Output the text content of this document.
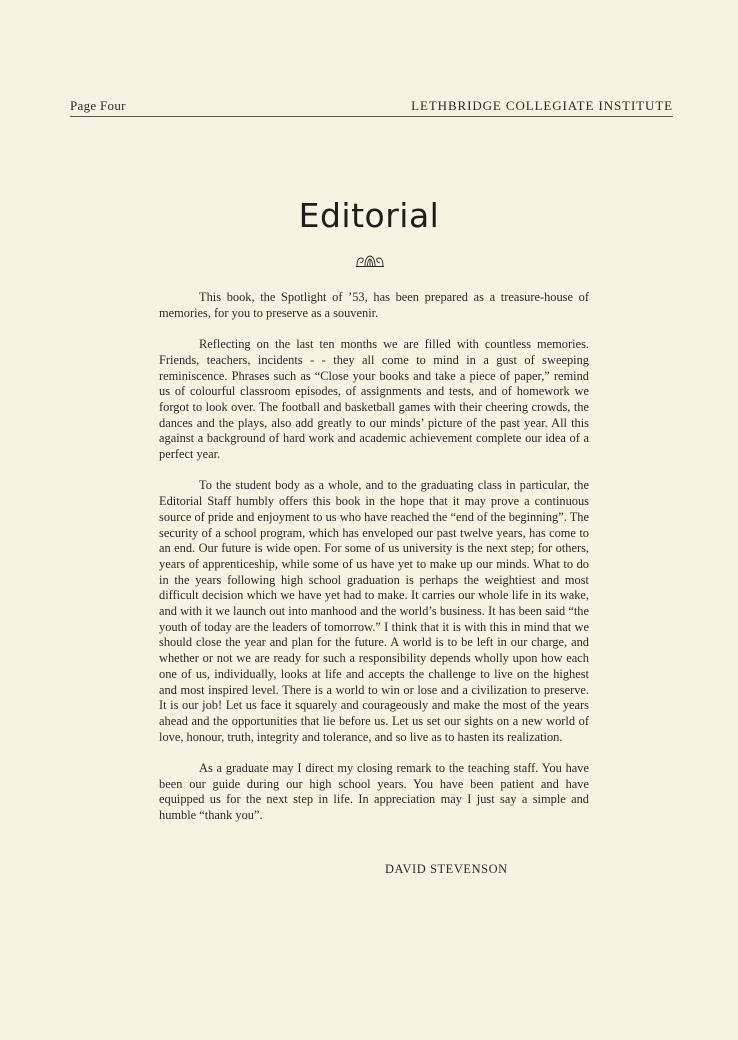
Page Four	LETHBRIDGE COLLEGIATE INSTITUTE
Editorial

This book, the Spotlight of ’53, has been prepared as a treasure-house of memories, for you to preserve as a souvenir.

Reflecting on the last ten months we are filled with countless memories. Friends, teachers, incidents - - they all come to mind in a gust of sweeping reminiscence. Phrases such as “Close your books and take a piece of paper,” remind us of colourful classroom episodes, of assignments and tests, and of homework we forgot to look over. The football and basketball games with their cheering crowds, the dances and the plays, also add greatly to our minds’ picture of the past year. All this against a background of hard work and academic achievement complete our idea of a perfect year.

To the student body as a whole, and to the graduating class in particular, the Editorial Staff humbly offers this book in the hope that it may prove a continuous source of pride and enjoyment to us who have reached the “end of the beginning”. The security of a school program, which has enveloped our past twelve years, has come to an end. Our future is wide open. For some of us university is the next step; for others, years of apprenticeship, while some of us have yet to make up our minds. What to do in the years following high school graduation is perhaps the weightiest and most difficult decision which we have yet had to make. It carries our whole life in its wake, and with it we launch out into manhood and the world’s business. It has been said “the youth of today are the leaders of tomorrow.” I think that it is with this in mind that we should close the year and plan for the future. A world is to be left in our charge, and whether or not we are ready for such a responsibility depends wholly upon how each one of us, individually, looks at life and accepts the challenge to live on the highest and most inspired level. There is a world to win or lose and a civilization to preserve. It is our job! Let us face it squarely and courageously and make the most of the years ahead and the opportunities that lie before us. Let us set our sights on a new world of love, honour, truth, integrity and tolerance, and so live as to hasten its realization.

As a graduate may I direct my closing remark to the teaching staff. You have been our guide during our high school years. You have been patient and have equipped us for the next step in life. In appreciation may I just say a simple and humble “thank you”.

DAVID STEVENSON
